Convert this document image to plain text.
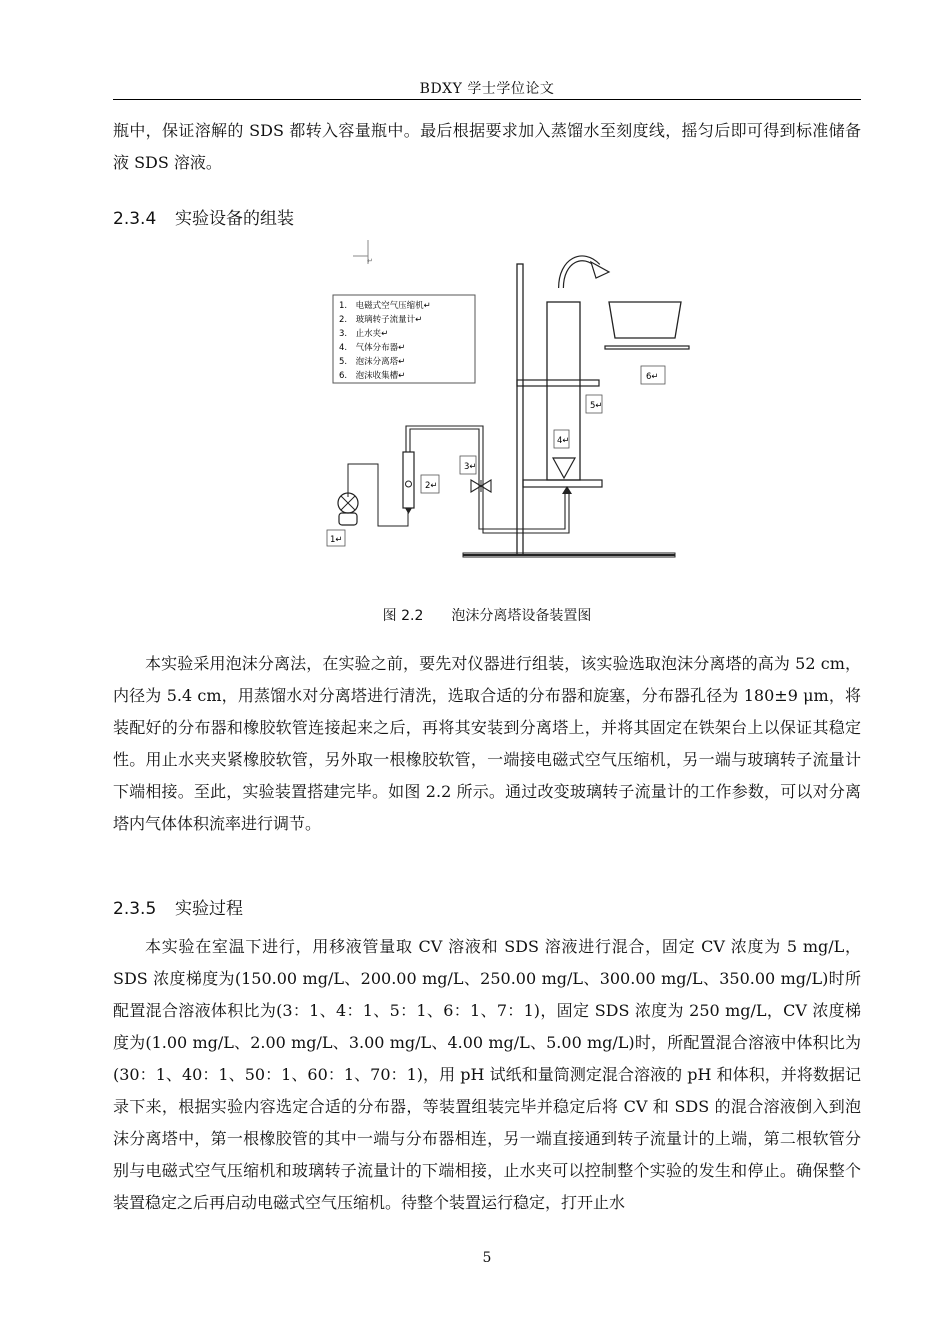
BDXY 学士学位论文
瓶中，保证溶解的 SDS 都转入容量瓶中。最后根据要求加入蒸馏水至刻度线，摇匀后即可得到标准储备液 SDS 溶液。
2.3.4 实验设备的组装
↵
1.　电磁式空气压缩机↵
2.　玻璃转子流量计↵
3.　止水夹↵
4.　气体分布器↵
5.　泡沫分离塔↵
6.　泡沫收集槽↵
1↵
2↵
3↵
4↵
5↵
6↵
图 2.2 泡沫分离塔设备装置图
本实验采用泡沫分离法，在实验之前，要先对仪器进行组装，该实验选取泡沫分离塔的高为 52 cm，内径为 5.4 cm，用蒸馏水对分离塔进行清洗，选取合适的分布器和旋塞，分布器孔径为 180±9 μm，将装配好的分布器和橡胶软管连接起来之后，再将其安装到分离塔上，并将其固定在铁架台上以保证其稳定性。用止水夹夹紧橡胶软管，另外取一根橡胶软管，一端接电磁式空气压缩机，另一端与玻璃转子流量计下端相接。至此，实验装置搭建完毕。如图 2.2 所示。通过改变玻璃转子流量计的工作参数，可以对分离塔内气体体积流率进行调节。
2.3.5 实验过程
本实验在室温下进行，用移液管量取 CV 溶液和 SDS 溶液进行混合，固定 CV 浓度为 5 mg/L，SDS 浓度梯度为(150.00 mg/L、200.00 mg/L、250.00 mg/L、300.00 mg/L、350.00 mg/L)时所配置混合溶液体积比为(3：1、4：1、5：1、6：1、7：1)，固定 SDS 浓度为 250 mg/L，CV 浓度梯度为(1.00 mg/L、2.00 mg/L、3.00 mg/L、4.00 mg/L、5.00 mg/L)时，所配置混合溶液中体积比为(30：1、40：1、50：1、60：1、70：1)，用 pH 试纸和量筒测定混合溶液的 pH 和体积，并将数据记录下来，根据实验内容选定合适的分布器，等装置组装完毕并稳定后将 CV 和 SDS 的混合溶液倒入到泡沫分离塔中，第一根橡胶管的其中一端与分布器相连，另一端直接通到转子流量计的上端，第二根软管分别与电磁式空气压缩机和玻璃转子流量计的下端相接，止水夹可以控制整个实验的发生和停止。确保整个装置稳定之后再启动电磁式空气压缩机。待整个装置运行稳定，打开止水
5
